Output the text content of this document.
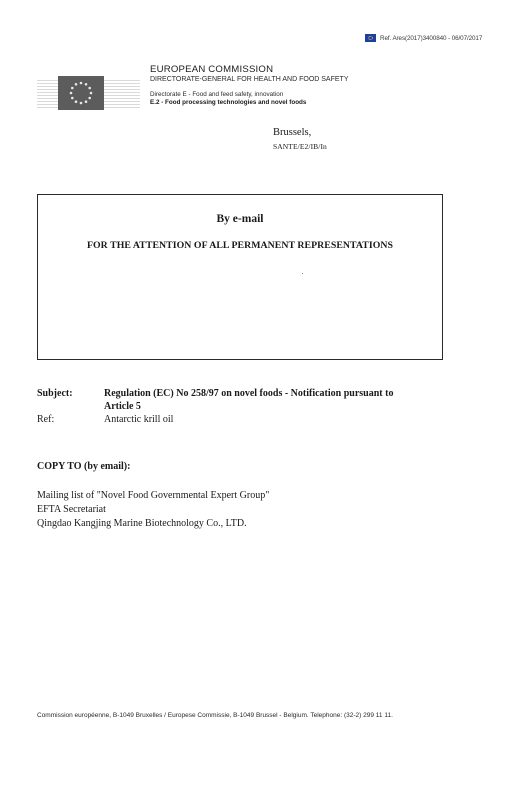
Ref. Ares(2017)3400840 - 06/07/2017
EUROPEAN COMMISSION
DIRECTORATE-GENERAL FOR HEALTH AND FOOD SAFETY
Directorate E - Food and feed safety, innovation
E.2 - Food processing technologies and novel foods
Brussels,
SANTE/E2/IB/In
By e-mail
FOR THE ATTENTION OF ALL PERMANENT REPRESENTATIONS
Subject:	Regulation (EC) No 258/97 on novel foods - Notification pursuant to
Article 5
Ref:	Antarctic krill oil
COPY TO (by email):
Mailing list of "Novel Food Governmental Expert Group"
EFTA Secretariat
Qingdao Kangjing Marine Biotechnology Co., LTD.
Commission européenne, B-1049 Bruxelles / Europese Commissie, B-1049 Brussel - Belgium. Telephone: (32-2) 299 11 11.
